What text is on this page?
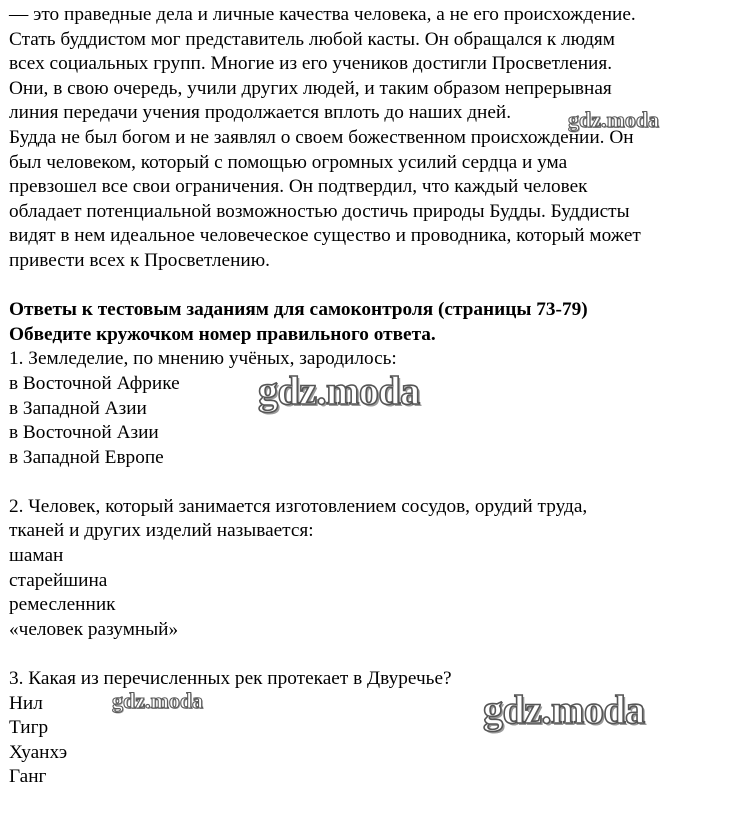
— это праведные дела и личные качества человека, а не его происхождение.
Стать буддистом мог представитель любой касты. Он обращался к людям
всех социальных групп. Многие из его учеников достигли Просветления.
Они, в свою очередь, учили других людей, и таким образом непрерывная
линия передачи учения продолжается вплоть до наших дней.
Будда не был богом и не заявлял о своем божественном происхождении. Он
был человеком, который с помощью огромных усилий сердца и ума
превзошел все свои ограничения. Он подтвердил, что каждый человек
обладает потенциальной возможностью достичь природы Будды. Буддисты
видят в нем идеальное человеческое существо и проводника, который может
привести всех к Просветлению.
Ответы к тестовым заданиям для самоконтроля (страницы 73-79)
Обведите кружочком номер правильного ответа.
1. Земледелие, по мнению учёных, зародилось:
в Восточной Африке
в Западной Азии
в Восточной Азии
в Западной Европе
2. Человек, который занимается изготовлением сосудов, орудий труда,
тканей и других изделий называется:
шаман
старейшина
ремесленник
«человек разумный»
3. Какая из перечисленных рек протекает в Двуречье?
Нил
Тигр
Хуанхэ
Ганг
gdz.moda
gdz.moda
gdz.moda	gdz.moda
